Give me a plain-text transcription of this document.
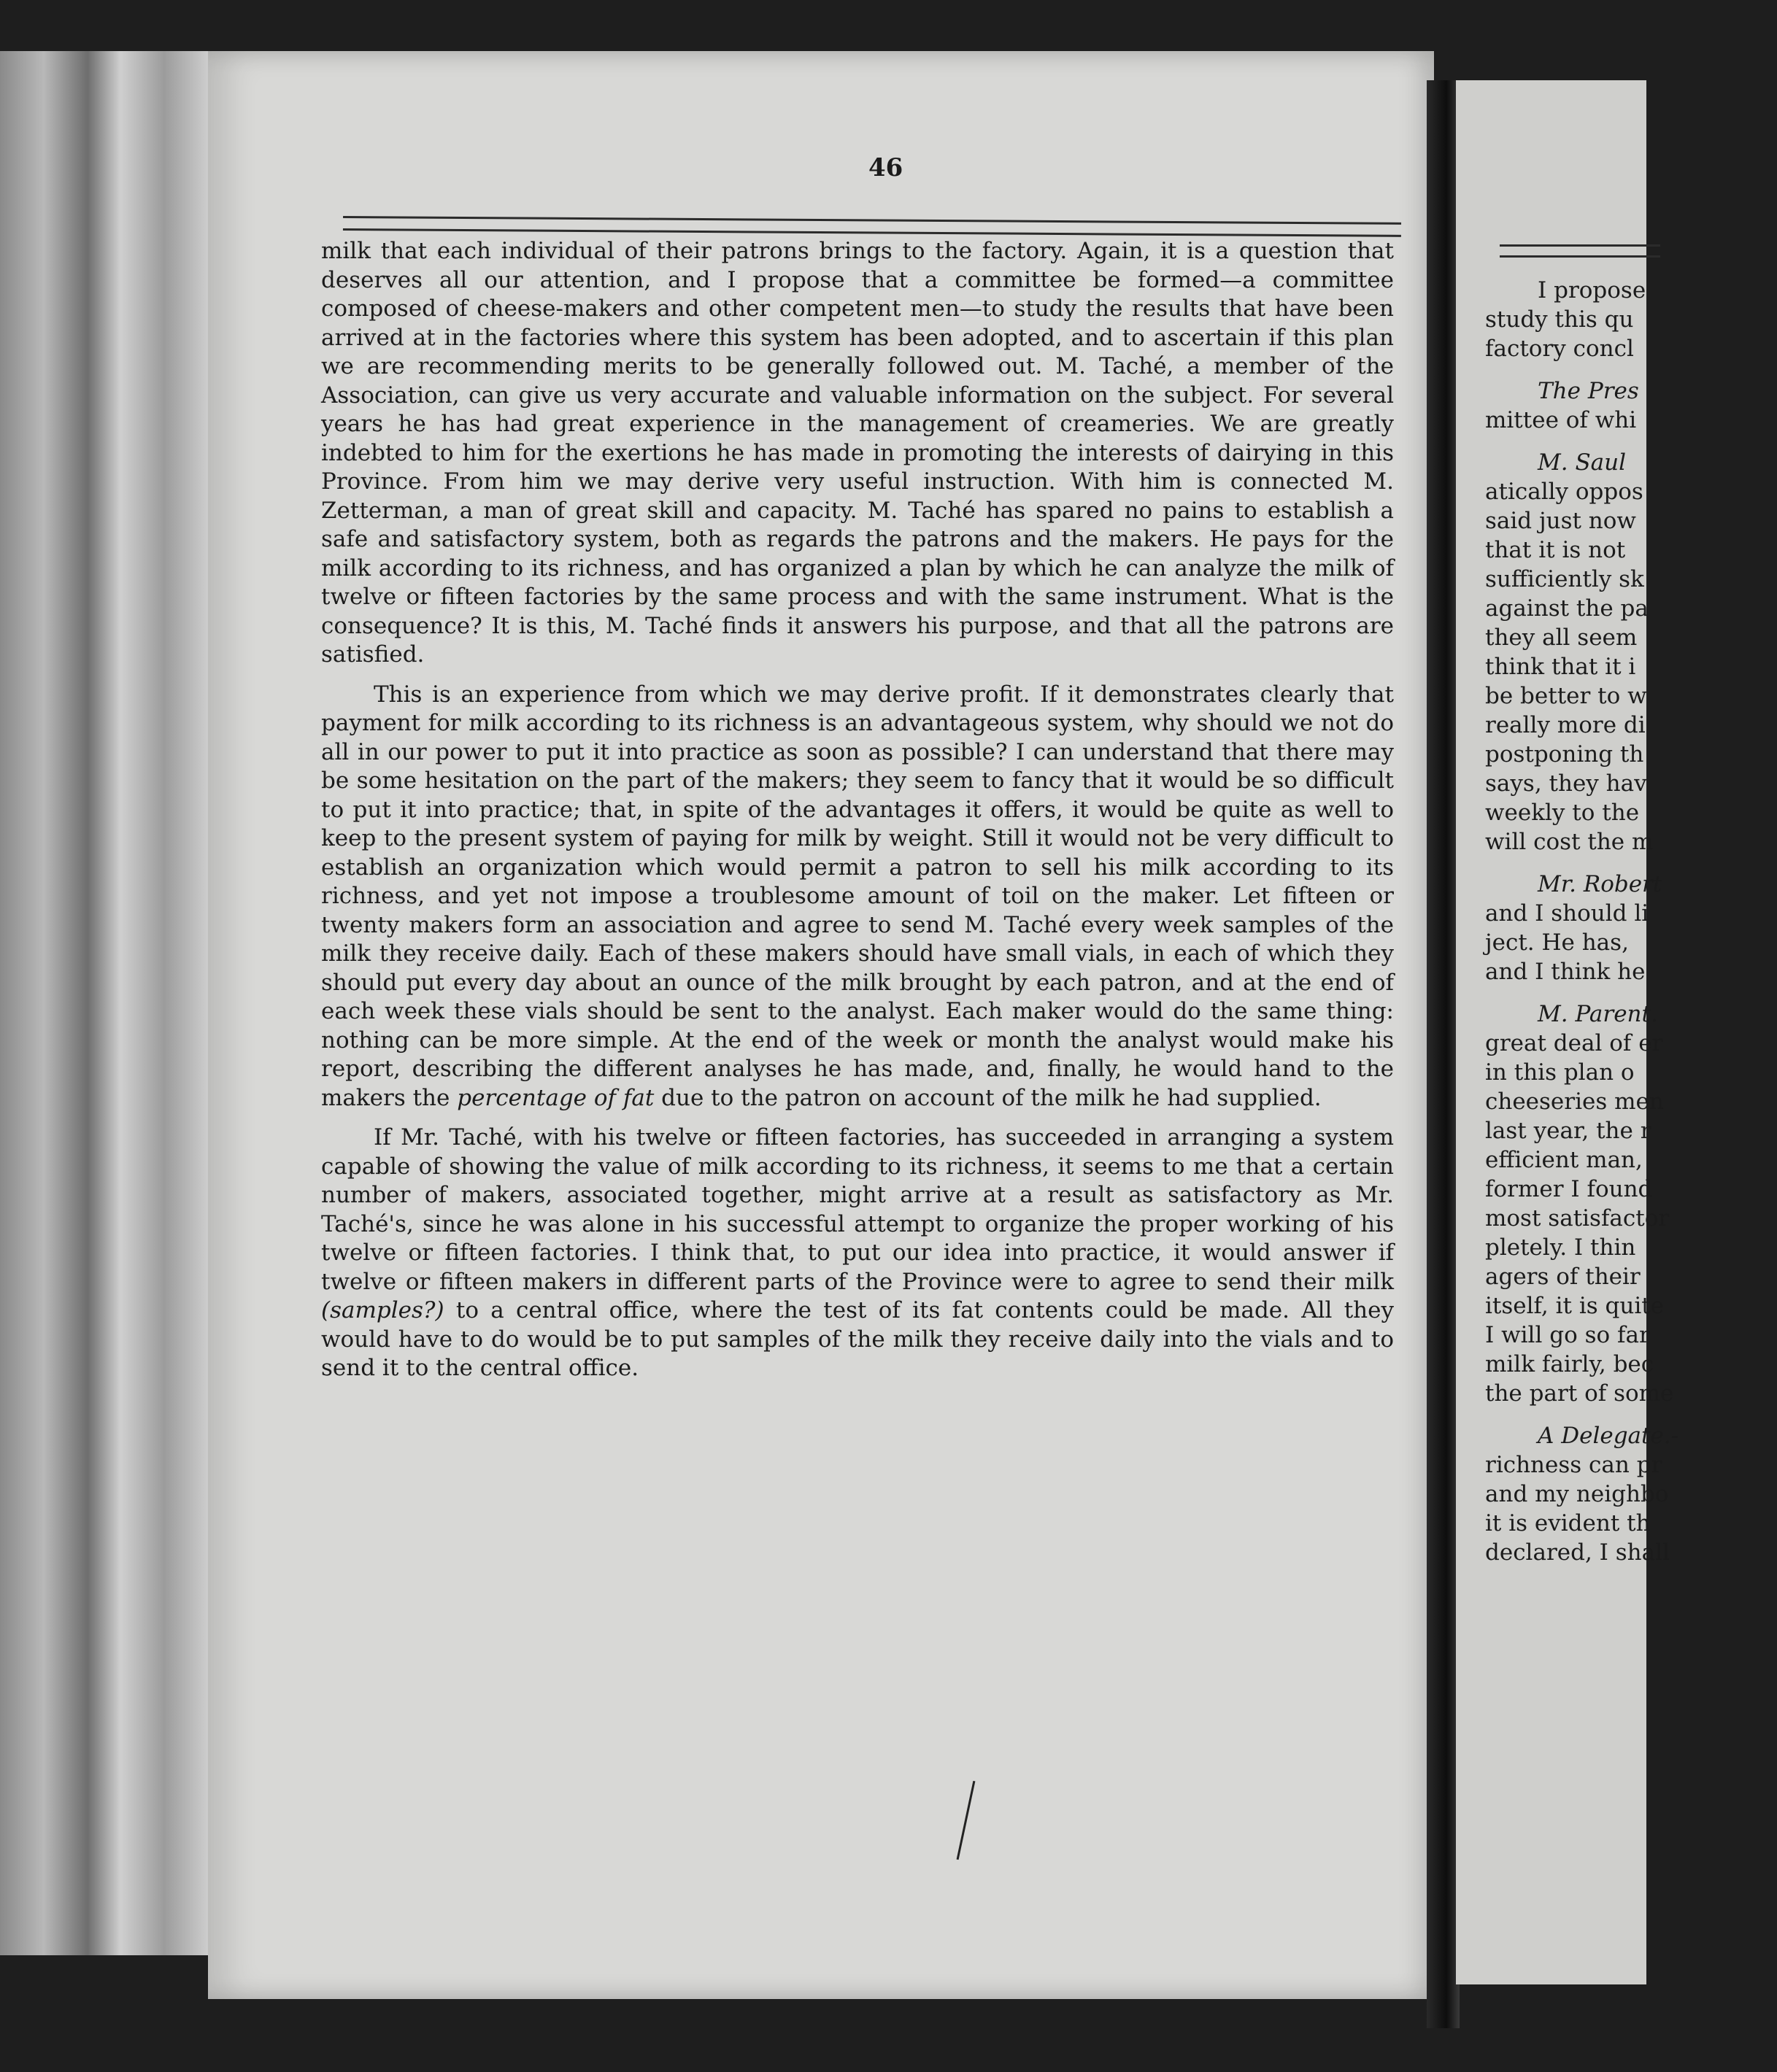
46

milk that each individual of their patrons brings to the factory. Again, it is a question that deserves all our attention, and I propose that a committee be formed—a committee composed of cheese-makers and other competent men—to study the results that have been arrived at in the factories where this system has been adopted, and to ascertain if this plan we are recommending merits to be generally followed out. M. Taché, a member of the Association, can give us very accurate and valuable information on the subject. For several years he has had great experience in the management of creameries. We are greatly indebted to him for the exertions he has made in promoting the interests of dairying in this Province. From him we may derive very useful instruction. With him is connected M. Zetterman, a man of great skill and capacity. M. Taché has spared no pains to establish a safe and satisfactory system, both as regards the patrons and the makers. He pays for the milk according to its richness, and has organized a plan by which he can analyze the milk of twelve or fifteen factories by the same process and with the same instrument. What is the consequence? It is this, M. Taché finds it answers his purpose, and that all the patrons are satisfied.

This is an experience from which we may derive profit. If it demonstrates clearly that payment for milk according to its richness is an advantageous system, why should we not do all in our power to put it into practice as soon as possible? I can understand that there may be some hesitation on the part of the makers; they seem to fancy that it would be so difficult to put it into practice; that, in spite of the advantages it offers, it would be quite as well to keep to the present system of paying for milk by weight. Still it would not be very difficult to establish an organization which would permit a patron to sell his milk according to its richness, and yet not impose a troublesome amount of toil on the maker. Let fifteen or twenty makers form an association and agree to send M. Taché every week samples of the milk they receive daily. Each of these makers should have small vials, in each of which they should put every day about an ounce of the milk brought by each patron, and at the end of each week these vials should be sent to the analyst. Each maker would do the same thing: nothing can be more simple. At the end of the week or month the analyst would make his report, describing the different analyses he has made, and, finally, he would hand to the makers the percentage of fat due to the patron on account of the milk he had supplied.

If Mr. Taché, with his twelve or fifteen factories, has succeeded in arranging a system capable of showing the value of milk according to its richness, it seems to me that a certain number of makers, associated together, might arrive at a result as satisfactory as Mr. Taché's, since he was alone in his successful attempt to organize the proper working of his twelve or fifteen factories. I think that, to put our idea into practice, it would answer if twelve or fifteen makers in different parts of the Province were to agree to send their milk (samples?) to a central office, where the test of its fat contents could be made. All they would have to do would be to put samples of the milk they receive daily into the vials and to send it to the central office.

I propose
study this qu
factory concl
The Pres
mittee of whi
M. Saul
atically oppos
said just now
that it is not
sufficiently sk
against the pa
they all seem
think that it i
be better to w
really more di
postponing th
says, they hav
weekly to the
will cost the m
Mr. Robert
and I should li
ject. He has,
and I think he
M. Parent.
great deal of er
in this plan o
cheeseries men
last year, the r
efficient man,
former I found
most satisfactor
pletely. I thin
agers of their
itself, it is quite
I will go so far
milk fairly, bec
the part of some
A Delegate.-
richness can pr
and my neighbo
it is evident th
declared, I shall
